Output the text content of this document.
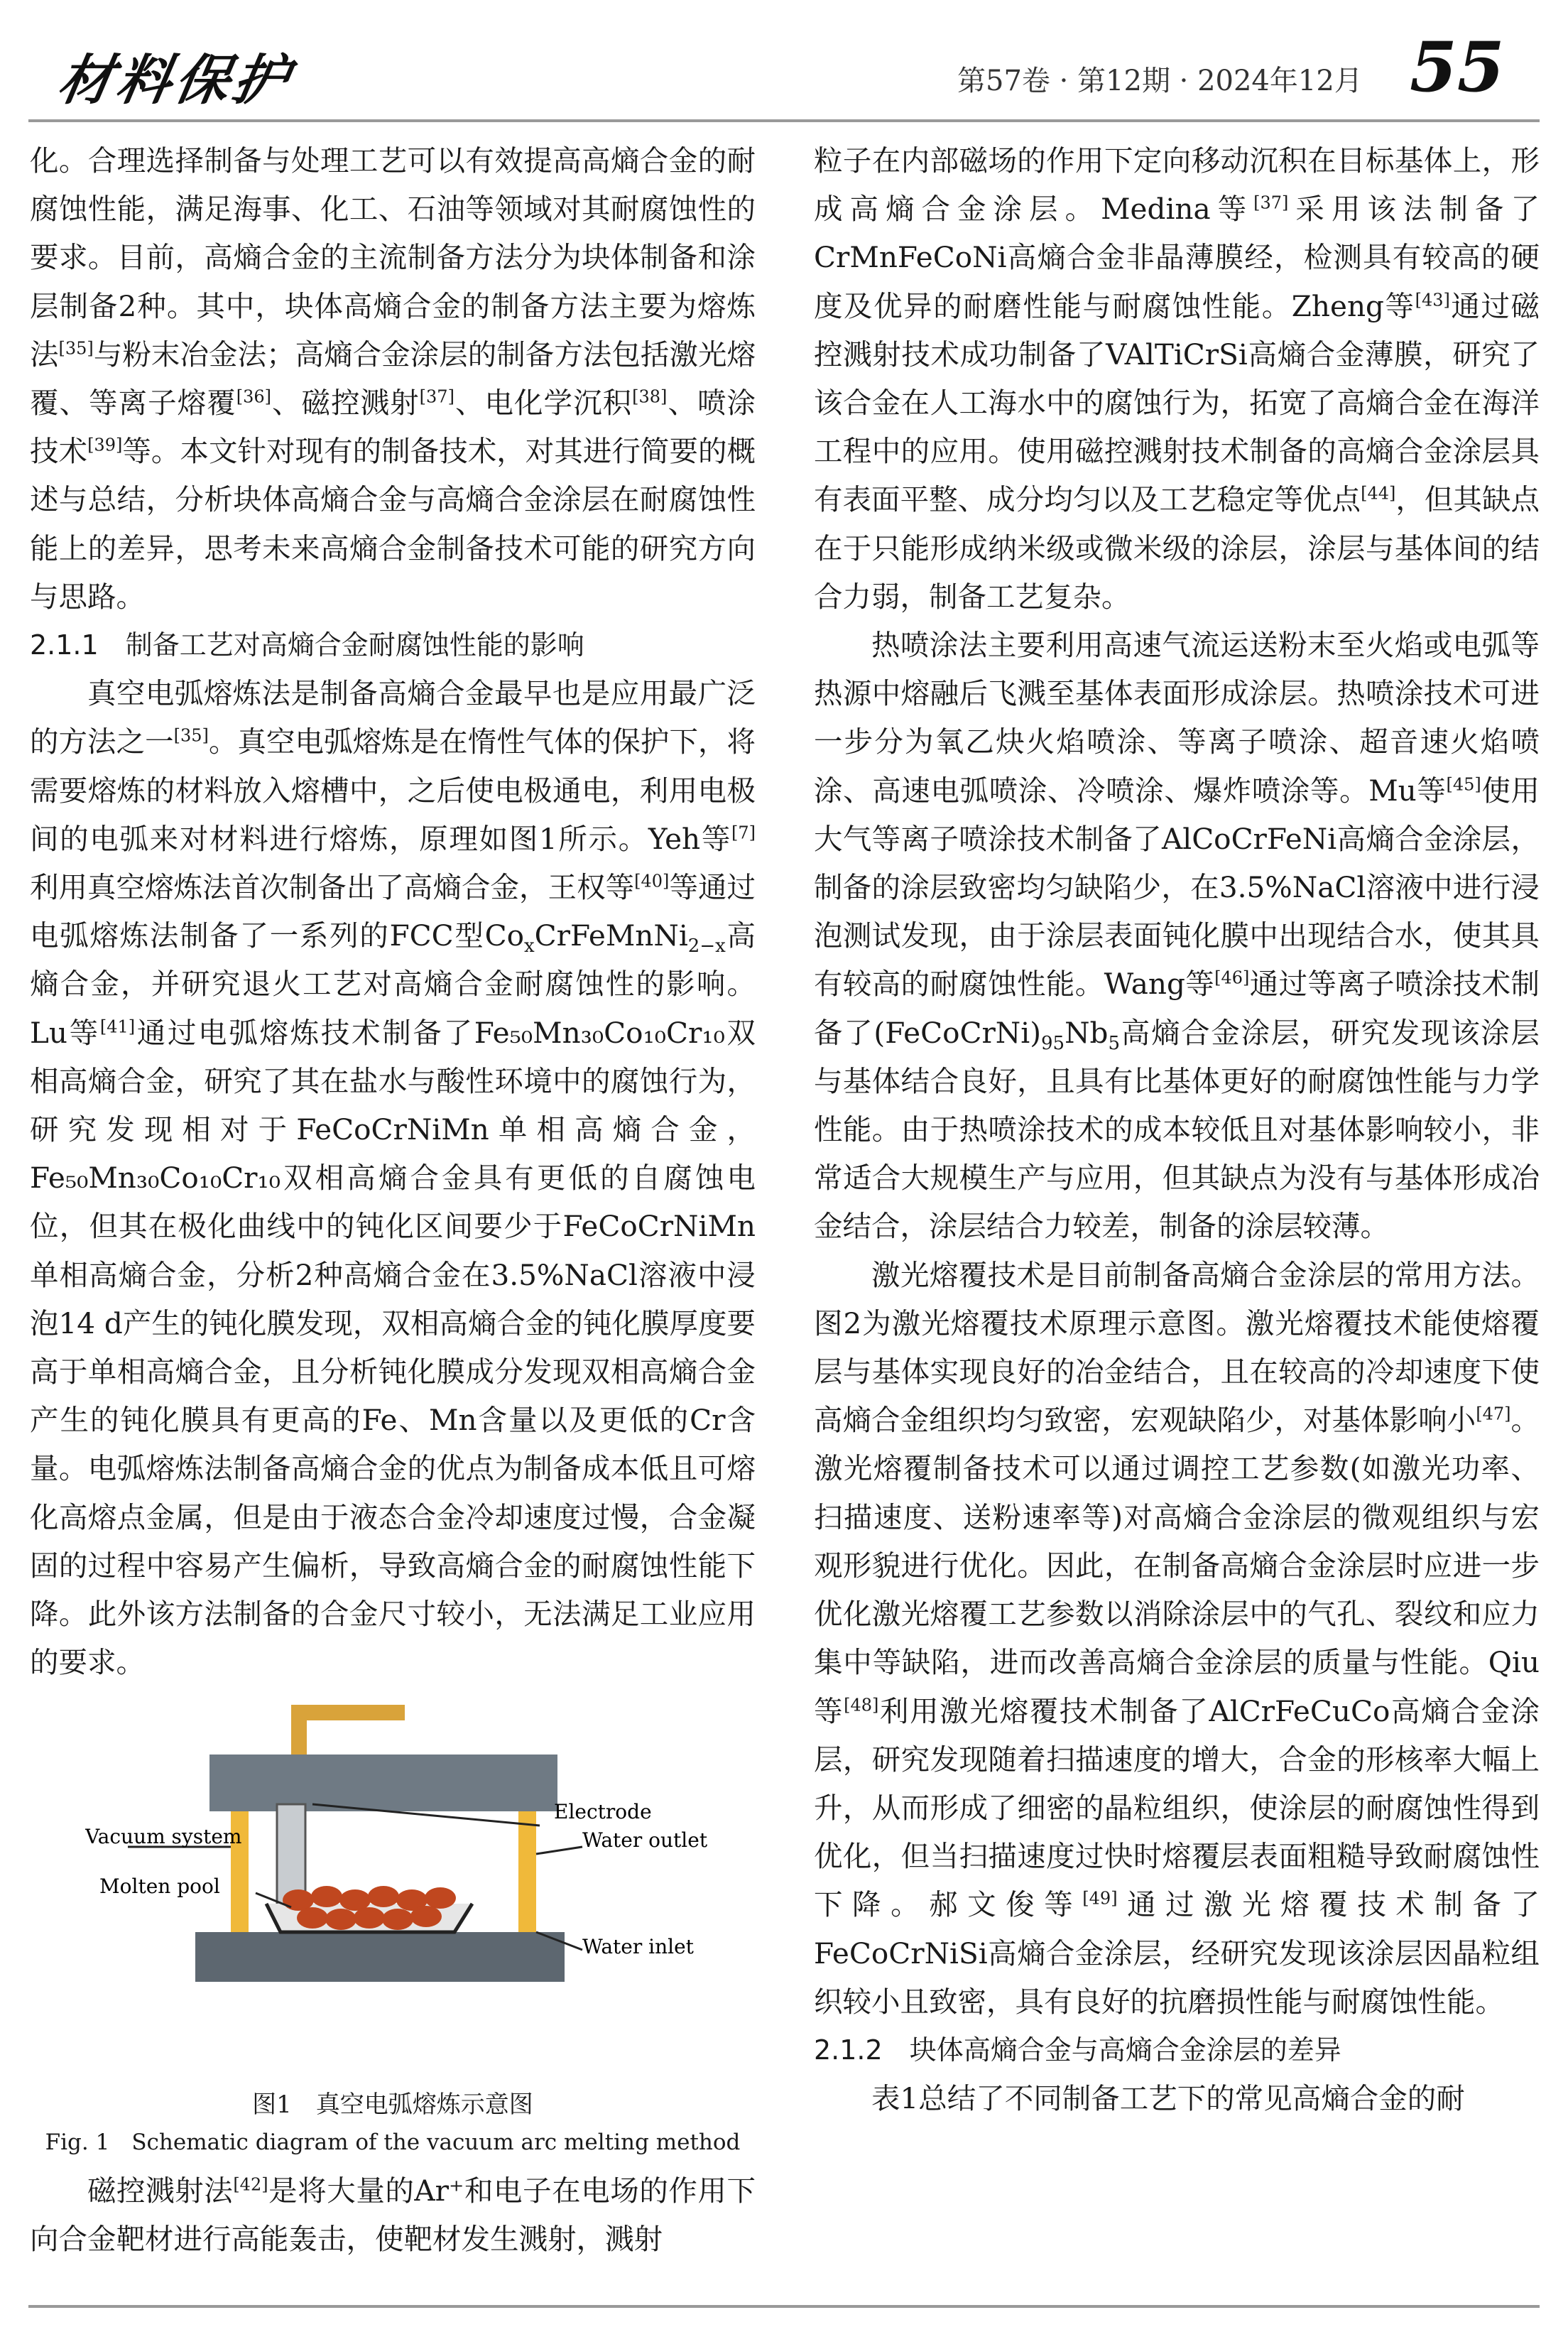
材料保护	第57卷 · 第12期 · 2024年12月 55

化。合理选择制备与处理工艺可以有效提高高熵合金的耐腐蚀性能，满足海事、化工、石油等领域对其耐腐蚀性的要求。目前，高熵合金的主流制备方法分为块体制备和涂层制备2种。其中，块体高熵合金的制备方法主要为熔炼法[35]与粉末冶金法；高熵合金涂层的制备方法包括激光熔覆、等离子熔覆[36]、磁控溅射[37]、电化学沉积[38]、喷涂技术[39]等。本文针对现有的制备技术，对其进行简要的概述与总结，分析块体高熵合金与高熵合金涂层在耐腐蚀性能上的差异，思考未来高熵合金制备技术可能的研究方向与思路。

2.1.1　制备工艺对高熵合金耐腐蚀性能的影响

真空电弧熔炼法是制备高熵合金最早也是应用最广泛的方法之一[35]。真空电弧熔炼是在惰性气体的保护下，将需要熔炼的材料放入熔槽中，之后使电极通电，利用电极间的电弧来对材料进行熔炼，原理如图1所示。Yeh等[7]利用真空熔炼法首次制备出了高熵合金，王权等[40]等通过电弧熔炼法制备了一系列的FCC型$Co_xCrFeMnNi_{2-x}$高熵合金，并研究退火工艺对高熵合金耐腐蚀性的影响。Lu等[41]通过电弧熔炼技术制备了Fe₅₀Mn₃₀Co₁₀Cr₁₀双相高熵合金，研究了其在盐水与酸性环境中的腐蚀行为，研究发现相对于FeCoCrNiMn单相高熵合金，Fe₅₀Mn₃₀Co₁₀Cr₁₀双相高熵合金具有更低的自腐蚀电位，但其在极化曲线中的钝化区间要少于FeCoCrNiMn单相高熵合金，分析2种高熵合金在3.5%NaCl溶液中浸泡14 d产生的钝化膜发现，双相高熵合金的钝化膜厚度要高于单相高熵合金，且分析钝化膜成分发现双相高熵合金产生的钝化膜具有更高的Fe、Mn含量以及更低的Cr含量。电弧熔炼法制备高熵合金的优点为制备成本低且可熔化高熔点金属，但是由于液态合金冷却速度过慢，合金凝固的过程中容易产生偏析，导致高熵合金的耐腐蚀性能下降。此外该方法制备的合金尺寸较小，无法满足工业应用的要求。

Vacuum system
Molten pool
Electrode
Water outlet
Water inlet
图1　真空电弧熔炼示意图
Fig. 1　Schematic diagram of the vacuum arc melting method

磁控溅射法[42]是将大量的Ar⁺和电子在电场的作用下向合金靶材进行高能轰击，使靶材发生溅射，溅射

粒子在内部磁场的作用下定向移动沉积在目标基体上，形成高熵合金涂层。Medina等[37]采用该法制备了CrMnFeCoNi高熵合金非晶薄膜经，检测具有较高的硬度及优异的耐磨性能与耐腐蚀性能。Zheng等[43]通过磁控溅射技术成功制备了VAlTiCrSi高熵合金薄膜，研究了该合金在人工海水中的腐蚀行为，拓宽了高熵合金在海洋工程中的应用。使用磁控溅射技术制备的高熵合金涂层具有表面平整、成分均匀以及工艺稳定等优点[44]，但其缺点在于只能形成纳米级或微米级的涂层，涂层与基体间的结合力弱，制备工艺复杂。

热喷涂法主要利用高速气流运送粉末至火焰或电弧等热源中熔融后飞溅至基体表面形成涂层。热喷涂技术可进一步分为氧乙炔火焰喷涂、等离子喷涂、超音速火焰喷涂、高速电弧喷涂、冷喷涂、爆炸喷涂等。Mu等[45]使用大气等离子喷涂技术制备了AlCoCrFeNi高熵合金涂层，制备的涂层致密均匀缺陷少，在3.5%NaCl溶液中进行浸泡测试发现，由于涂层表面钝化膜中出现结合水，使其具有较高的耐腐蚀性能。Wang等[46]通过等离子喷涂技术制备了$(FeCoCrNi)_{95}Nb_5$高熵合金涂层，研究发现该涂层与基体结合良好，且具有比基体更好的耐腐蚀性能与力学性能。由于热喷涂技术的成本较低且对基体影响较小，非常适合大规模生产与应用，但其缺点为没有与基体形成冶金结合，涂层结合力较差，制备的涂层较薄。

激光熔覆技术是目前制备高熵合金涂层的常用方法。图2为激光熔覆技术原理示意图。激光熔覆技术能使熔覆层与基体实现良好的冶金结合，且在较高的冷却速度下使高熵合金组织均匀致密，宏观缺陷少，对基体影响小[47]。激光熔覆制备技术可以通过调控工艺参数(如激光功率、扫描速度、送粉速率等)对高熵合金涂层的微观组织与宏观形貌进行优化。因此，在制备高熵合金涂层时应进一步优化激光熔覆工艺参数以消除涂层中的气孔、裂纹和应力集中等缺陷，进而改善高熵合金涂层的质量与性能。Qiu等[48]利用激光熔覆技术制备了AlCrFeCuCo高熵合金涂层，研究发现随着扫描速度的增大，合金的形核率大幅上升，从而形成了细密的晶粒组织，使涂层的耐腐蚀性得到优化，但当扫描速度过快时熔覆层表面粗糙导致耐腐蚀性下降。郝文俊等[49]通过激光熔覆技术制备了FeCoCrNiSi高熵合金涂层，经研究发现该涂层因晶粒组织较小且致密，具有良好的抗磨损性能与耐腐蚀性能。

2.1.2　块体高熵合金与高熵合金涂层的差异

表1总结了不同制备工艺下的常见高熵合金的耐
